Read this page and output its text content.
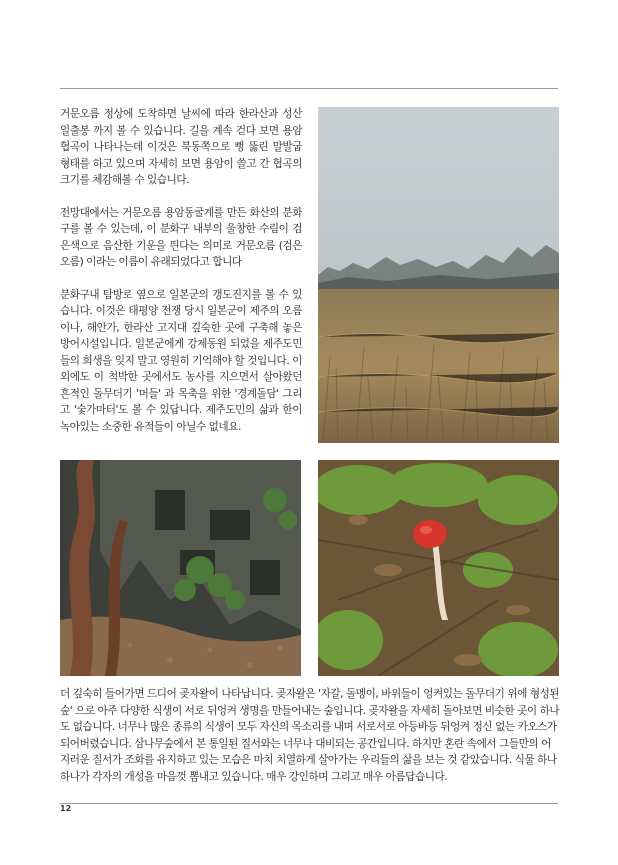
거문오름 정상에 도착하면 날씨에 따라 한라산과 성산일출봉 까지 볼 수 있습니다. 길을 계속 걷다 보면 용암협곡이 나타나는데 이것은 북동쪽으로 뻥 뚫린 말발굽형태를 하고 있으며 자세히 보면 용암이 쓸고 간 협곡의 크기를 체감해볼 수 있습니다.

전망대에서는 거문오름 용암동굴계를 만든 화산의 분화구를 볼 수 있는데, 이 분화구 내부의 울창한 수림이 검은색으로 음산한 기운을 띈다는 의미로 거문오름 (검은오름) 이라는 이름이 유래되었다고 합니다

분화구내 탐방로 옆으로 일본군의 갱도진지를 볼 수 있습니다. 이것은 태평양 전쟁 당시 일본군이 제주의 오름이나, 해안가, 한라산 고지대 깊숙한 곳에 구축해 놓은 방어시설입니다. 일본군에게 강제동원 되었을 제주도민들의 희생을 잊지 말고 영원히 기억해야 할 것입니다. 이외에도 이 척박한 곳에서도 농사를 지으면서 살아왔던 흔적인 돌무더기 '머들' 과 목축을 위한 '경계돌담' 그리고 '숯가마터'도 볼 수 있답니다. 제주도민의 삶과 한이 녹아있는 소중한 유적들이 아닐수 없네요.

더 깊숙히 들어가면 드디어 곶자왈이 나타납니다. 곶자왈은 '자갈, 돌멩이, 바위들이 엉켜있는 돌무더기 위에 형성된 숲' 으로 아주 다양한 식생이 서로 뒤엉켜 생명을 만들어내는 숲입니다. 곶자왈을 자세히 돌아보면 비슷한 곳이 하나도 없습니다. 너무나 많은 종류의 식생이 모두 자신의 목소리를 내며 서로서로 아등바등 뒤엉켜 정신 없는 카오스가 되어버렸습니다. 삼나무숲에서 본 통일된 질서와는 너무나 대비되는 공간입니다. 하지만 혼란 속에서 그들만의 어지러운 질서가 조화를 유지하고 있는 모습은 마치 치열하게 살아가는 우리들의 삶을 보는 것 같았습니다. 식물 하나하나가 각자의 개성을 마음껏 뽐내고 있습니다. 매우 강인하며 그리고 매우 아름답습니다.

12
